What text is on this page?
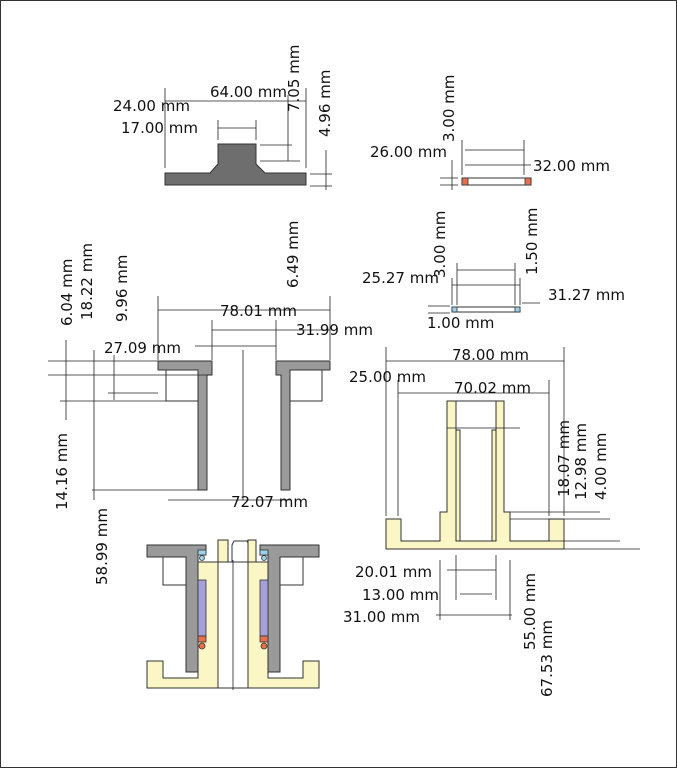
24.00 mm
64.00 mm
7.05 mm 4.96 mm
17.00 mm	3.00 mm
26.00 mm
32.00 mm
3.00 mm	1.50 mm
25.27 mm
31.27 mm
1.00 mm
6.49 mm
6.04 mm 18.22 mm 9.96 mm	78.01 mm
31.99 mm
27.09 mm
14.16 mm
58.99 mm
72.07 mm
78.00 mm
25.00 mm
70.02 mm
18.07 mm 12.98 mm 4.00 mm
20.01 mm
13.00 mm
31.00 mm	55.00 mm
67.53 mm
